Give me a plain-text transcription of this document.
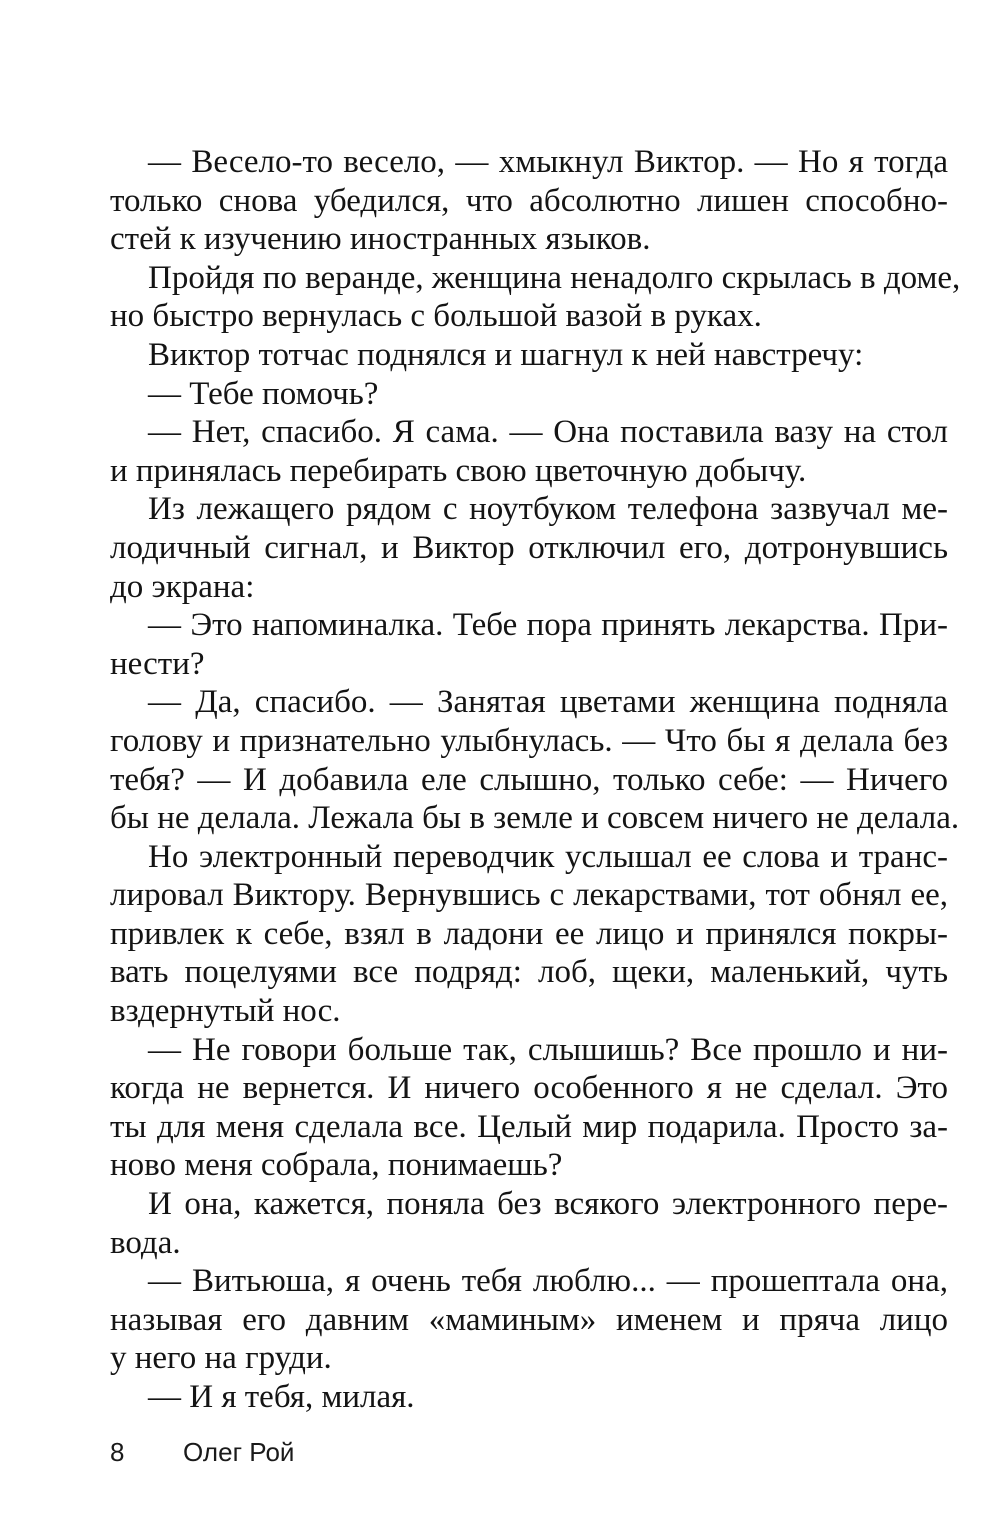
— Весело-то весело, — хмыкнул Виктор. — Но я тогда
только снова убедился, что абсолютно лишен способно-
стей к изучению иностранных языков.
Пройдя по веранде, женщина ненадолго скрылась в доме,
но быстро вернулась с большой вазой в руках.
Виктор тотчас поднялся и шагнул к ней навстречу:
— Тебе помочь?
— Нет, спасибо. Я сама. — Она поставила вазу на стол
и принялась перебирать свою цветочную добычу.
Из лежащего рядом с ноутбуком телефона зазвучал ме-
лодичный сигнал, и Виктор отключил его, дотронувшись
до экрана:
— Это напоминалка. Тебе пора принять лекарства. При-
нести?
— Да, спасибо. — Занятая цветами женщина подняла
голову и признательно улыбнулась. — Что бы я делала без
тебя? — И добавила еле слышно, только себе: — Ничего
бы не делала. Лежала бы в земле и совсем ничего не делала.
Но электронный переводчик услышал ее слова и транс-
лировал Виктору. Вернувшись с лекарствами, тот обнял ее,
привлек к себе, взял в ладони ее лицо и принялся покры-
вать поцелуями все подряд: лоб, щеки, маленький, чуть
вздернутый нос.
— Не говори больше так, слышишь? Все прошло и ни-
когда не вернется. И ничего особенного я не сделал. Это
ты для меня сделала все. Целый мир подарила. Просто за-
ново меня собрала, понимаешь?
И она, кажется, поняла без всякого электронного пере-
вода.
— Витьюша, я очень тебя люблю... — прошептала она,
называя его давним «маминым» именем и пряча лицо
у него на груди.
— И я тебя, милая.
8 Олег Рой
